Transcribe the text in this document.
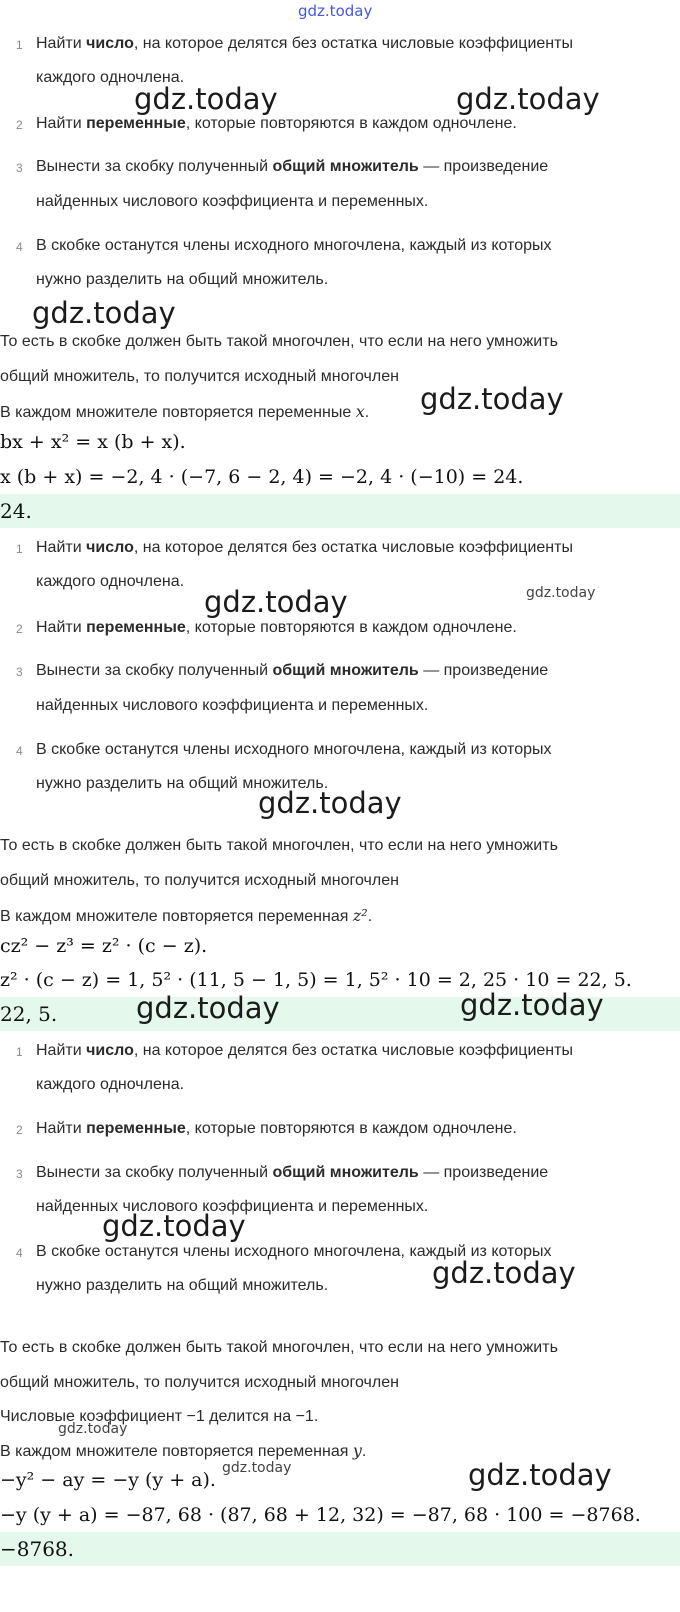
gdz.today
1 Найти число, на которое делятся без остатка числовые коэффициенты
каждого одночлена.
2 Найти переменные, которые повторяются в каждом одночлене.
3 Вынести за скобку полученный общий множитель — произведение
найденных числового коэффициента и переменных.
4 В скобке останутся члены исходного многочлена, каждый из которых
нужно разделить на общий множитель.
То есть в скобке должен быть такой многочлен, что если на него умножить
общий множитель, то получится исходный многочлен
В каждом множителе повторяется переменные x.
bx + x² = x (b + x).
x (b + x) = −2, 4 · (−7, 6 − 2, 4) = −2, 4 · (−10) = 24.
24.
1 Найти число, на которое делятся без остатка числовые коэффициенты
каждого одночлена.
2 Найти переменные, которые повторяются в каждом одночлене.
3 Вынести за скобку полученный общий множитель — произведение
найденных числового коэффициента и переменных.
4 В скобке останутся члены исходного многочлена, каждый из которых
нужно разделить на общий множитель.
То есть в скобке должен быть такой многочлен, что если на него умножить
общий множитель, то получится исходный многочлен
В каждом множителе повторяется переменная z².
cz² − z³ = z² · (c − z).
z² · (c − z) = 1, 5² · (11, 5 − 1, 5) = 1, 5² · 10 = 2, 25 · 10 = 22, 5.
22, 5.
1 Найти число, на которое делятся без остатка числовые коэффициенты
каждого одночлена.
2 Найти переменные, которые повторяются в каждом одночлене.
3 Вынести за скобку полученный общий множитель — произведение
найденных числового коэффициента и переменных.
4 В скобке останутся члены исходного многочлена, каждый из которых
нужно разделить на общий множитель.
То есть в скобке должен быть такой многочлен, что если на него умножить
общий множитель, то получится исходный многочлен
Числовые коэффициент −1 делится на −1.
В каждом множителе повторяется переменная y.
−y² − ay = −y (y + a).
−y (y + a) = −87, 68 · (87, 68 + 12, 32) = −87, 68 · 100 = −8768.
−8768.
gdz.today	gdz.today
gdz.today
gdz.today
gdz.today	gdz.today
gdz.today
gdz.today	gdz.today
gdz.today
gdz.today
gdz.today
gdz.today	gdz.today
